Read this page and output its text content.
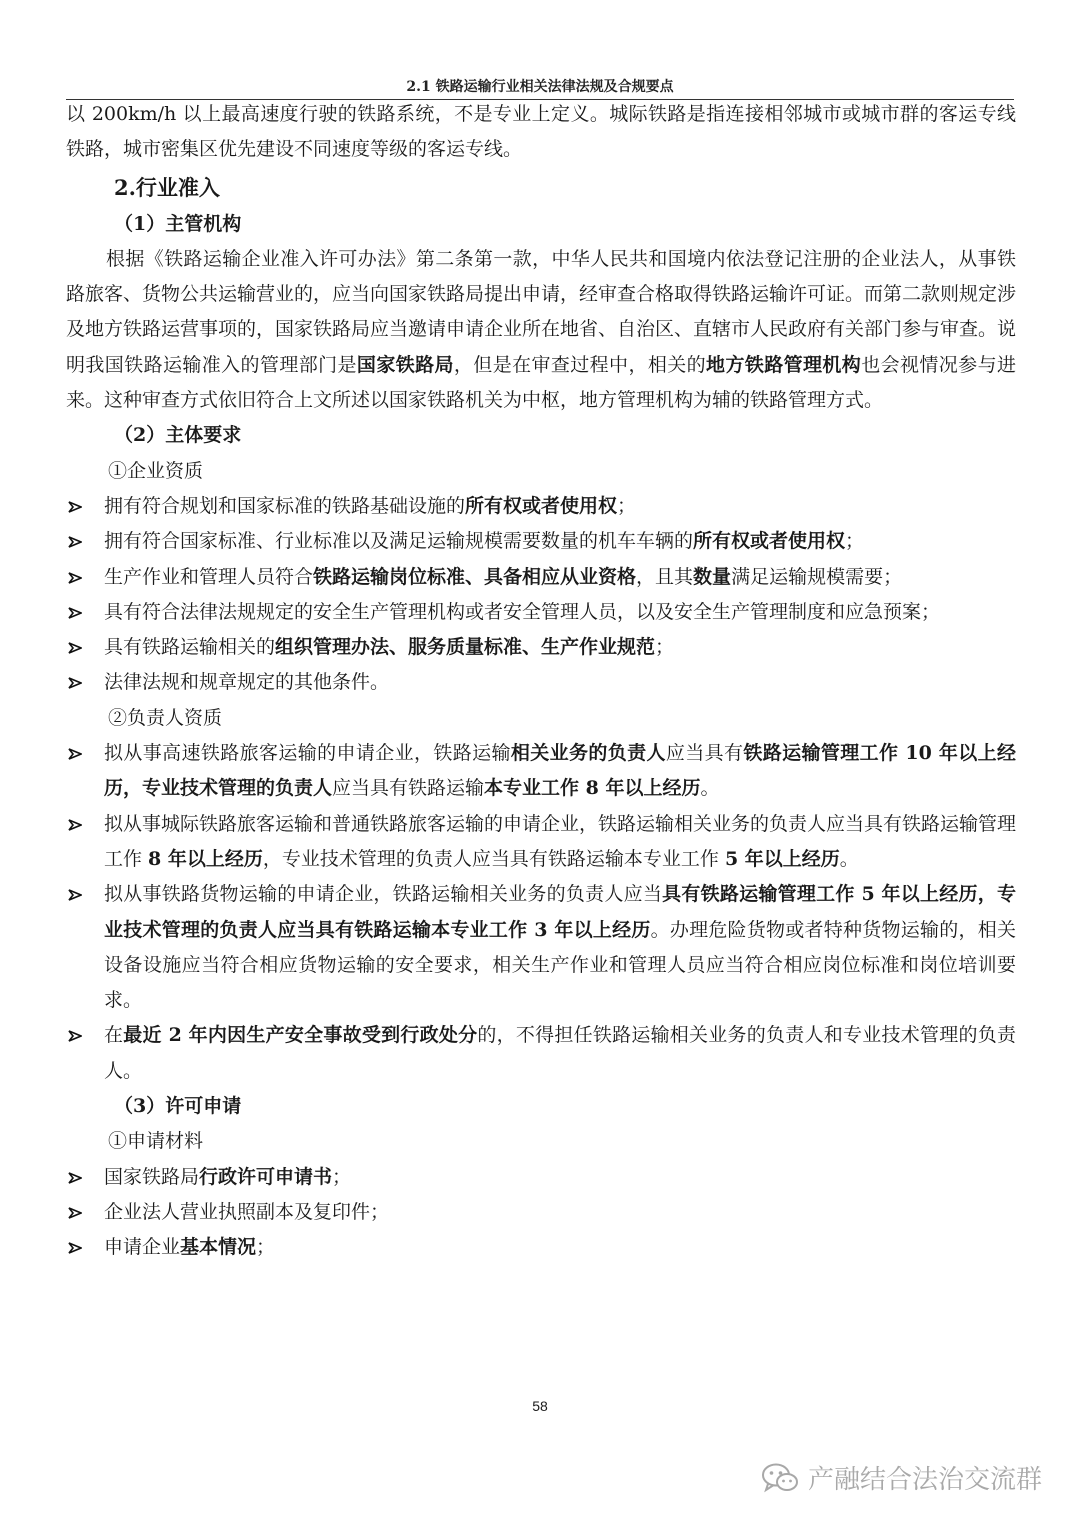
2.1 铁路运输行业相关法律法规及合规要点

以 200km/h 以上最高速度行驶的铁路系统，不是专业上定义。城际铁路是指连接相邻城市或城市群的客运专线铁路，城市密集区优先建设不同速度等级的客运专线。

2.行业准入

（1）主管机构

根据《铁路运输企业准入许可办法》第二条第一款，中华人民共和国境内依法登记注册的企业法人，从事铁路旅客、货物公共运输营业的，应当向国家铁路局提出申请，经审查合格取得铁路运输许可证。而第二款则规定涉及地方铁路运营事项的，国家铁路局应当邀请申请企业所在地省、自治区、直辖市人民政府有关部门参与审查。说明我国铁路运输准入的管理部门是国家铁路局，但是在审查过程中，相关的地方铁路管理机构也会视情况参与进来。这种审查方式依旧符合上文所述以国家铁路机关为中枢，地方管理机构为辅的铁路管理方式。

（2）主体要求

①企业资质

拥有符合规划和国家标准的铁路基础设施的所有权或者使用权；
拥有符合国家标准、行业标准以及满足运输规模需要数量的机车车辆的所有权或者使用权；
生产作业和管理人员符合铁路运输岗位标准、具备相应从业资格，且其数量满足运输规模需要；
具有符合法律法规规定的安全生产管理机构或者安全管理人员，以及安全生产管理制度和应急预案；
具有铁路运输相关的组织管理办法、服务质量标准、生产作业规范；
法律法规和规章规定的其他条件。

②负责人资质

拟从事高速铁路旅客运输的申请企业，铁路运输相关业务的负责人应当具有铁路运输管理工作 10 年以上经历，专业技术管理的负责人应当具有铁路运输本专业工作 8 年以上经历。
拟从事城际铁路旅客运输和普通铁路旅客运输的申请企业，铁路运输相关业务的负责人应当具有铁路运输管理工作 8 年以上经历，专业技术管理的负责人应当具有铁路运输本专业工作 5 年以上经历。
拟从事铁路货物运输的申请企业，铁路运输相关业务的负责人应当具有铁路运输管理工作 5 年以上经历，专业技术管理的负责人应当具有铁路运输本专业工作 3 年以上经历。办理危险货物或者特种货物运输的，相关设备设施应当符合相应货物运输的安全要求，相关生产作业和管理人员应当符合相应岗位标准和岗位培训要求。
在最近 2 年内因生产安全事故受到行政处分的，不得担任铁路运输相关业务的负责人和专业技术管理的负责人。

（3）许可申请

①申请材料

国家铁路局行政许可申请书；
企业法人营业执照副本及复印件；
申请企业基本情况；
58
产融结合法治交流群
